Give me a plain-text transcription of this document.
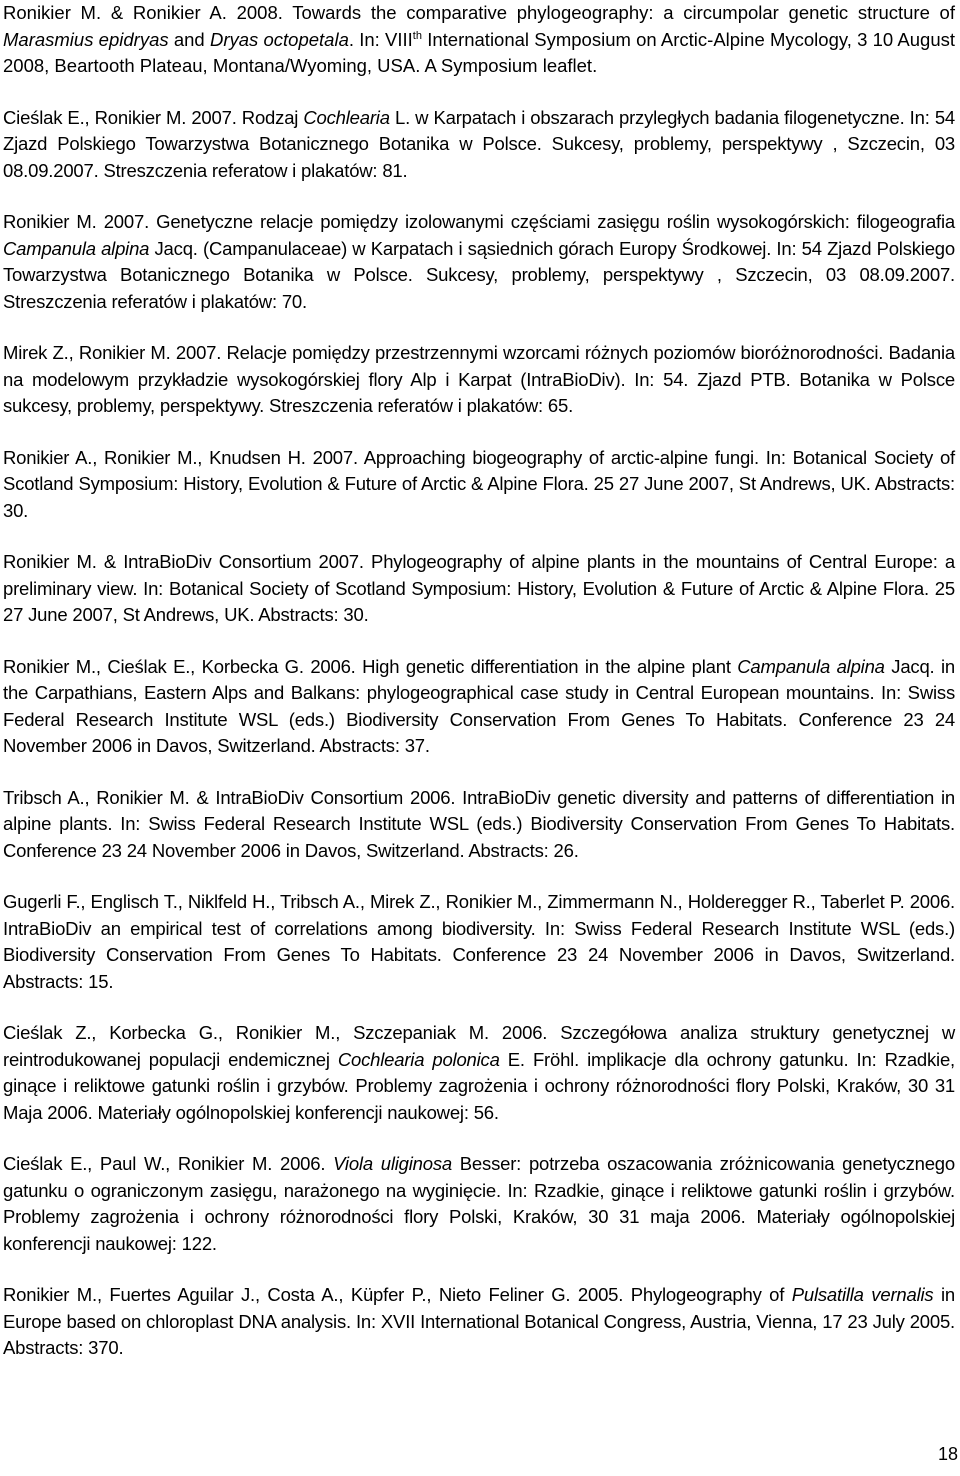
Ronikier M. & Ronikier A. 2008. Towards the comparative phylogeography: a circumpolar genetic structure of Marasmius epidryas and Dryas octopetala. In: VIIIth International Symposium on Arctic-Alpine Mycology, 3 10 August 2008, Beartooth Plateau, Montana/Wyoming, USA. A Symposium leaflet.

Cieślak E., Ronikier M. 2007. Rodzaj Cochlearia L. w Karpatach i obszarach przyległych badania filogenetyczne. In: 54 Zjazd Polskiego Towarzystwa Botanicznego Botanika w Polsce. Sukcesy, problemy, perspektywy , Szczecin, 03 08.09.2007. Streszczenia referatow i plakatów: 81.

Ronikier M. 2007. Genetyczne relacje pomiędzy izolowanymi częściami zasięgu roślin wysokogórskich: filogeografia Campanula alpina Jacq. (Campanulaceae) w Karpatach i sąsiednich górach Europy Środkowej. In: 54 Zjazd Polskiego Towarzystwa Botanicznego Botanika w Polsce. Sukcesy, problemy, perspektywy , Szczecin, 03 08.09.2007. Streszczenia referatów i plakatów: 70.

Mirek Z., Ronikier M. 2007. Relacje pomiędzy przestrzennymi wzorcami różnych poziomów bioróżnorodności. Badania na modelowym przykładzie wysokogórskiej flory Alp i Karpat (IntraBioDiv). In: 54. Zjazd PTB. Botanika w Polsce sukcesy, problemy, perspektywy. Streszczenia referatów i plakatów: 65.

Ronikier A., Ronikier M., Knudsen H. 2007. Approaching biogeography of arctic-alpine fungi. In: Botanical Society of Scotland Symposium: History, Evolution & Future of Arctic & Alpine Flora. 25 27 June 2007, St Andrews, UK. Abstracts: 30.

Ronikier M. & IntraBioDiv Consortium 2007. Phylogeography of alpine plants in the mountains of Central Europe: a preliminary view. In: Botanical Society of Scotland Symposium: History, Evolution & Future of Arctic & Alpine Flora. 25 27 June 2007, St Andrews, UK. Abstracts: 30.

Ronikier M., Cieślak E., Korbecka G. 2006. High genetic differentiation in the alpine plant Campanula alpina Jacq. in the Carpathians, Eastern Alps and Balkans: phylogeographical case study in Central European mountains. In: Swiss Federal Research Institute WSL (eds.) Biodiversity Conservation From Genes To Habitats. Conference 23 24 November 2006 in Davos, Switzerland. Abstracts: 37.

Tribsch A., Ronikier M. & IntraBioDiv Consortium 2006. IntraBioDiv genetic diversity and patterns of differentiation in alpine plants. In: Swiss Federal Research Institute WSL (eds.) Biodiversity Conservation From Genes To Habitats. Conference 23 24 November 2006 in Davos, Switzerland. Abstracts: 26.

Gugerli F., Englisch T., Niklfeld H., Tribsch A., Mirek Z., Ronikier M., Zimmermann N., Holderegger R., Taberlet P. 2006. IntraBioDiv an empirical test of correlations among biodiversity. In: Swiss Federal Research Institute WSL (eds.) Biodiversity Conservation From Genes To Habitats. Conference 23 24 November 2006 in Davos, Switzerland. Abstracts: 15.

Cieślak Z., Korbecka G., Ronikier M., Szczepaniak M. 2006. Szczegółowa analiza struktury genetycznej w reintrodukowanej populacji endemicznej Cochlearia polonica E. Fröhl. implikacje dla ochrony gatunku. In: Rzadkie, ginące i reliktowe gatunki roślin i grzybów. Problemy zagrożenia i ochrony różnorodności flory Polski, Kraków, 30 31 Maja 2006. Materiały ogólnopolskiej konferencji naukowej: 56.

Cieślak E., Paul W., Ronikier M. 2006. Viola uliginosa Besser: potrzeba oszacowania zróżnicowania genetycznego gatunku o ograniczonym zasięgu, narażonego na wyginięcie. In: Rzadkie, ginące i reliktowe gatunki roślin i grzybów. Problemy zagrożenia i ochrony różnorodności flory Polski, Kraków, 30 31 maja 2006. Materiały ogólnopolskiej konferencji naukowej: 122.

Ronikier M., Fuertes Aguilar J., Costa A., Küpfer P., Nieto Feliner G. 2005. Phylogeography of Pulsatilla vernalis in Europe based on chloroplast DNA analysis. In: XVII International Botanical Congress, Austria, Vienna, 17 23 July 2005. Abstracts: 370.

18
